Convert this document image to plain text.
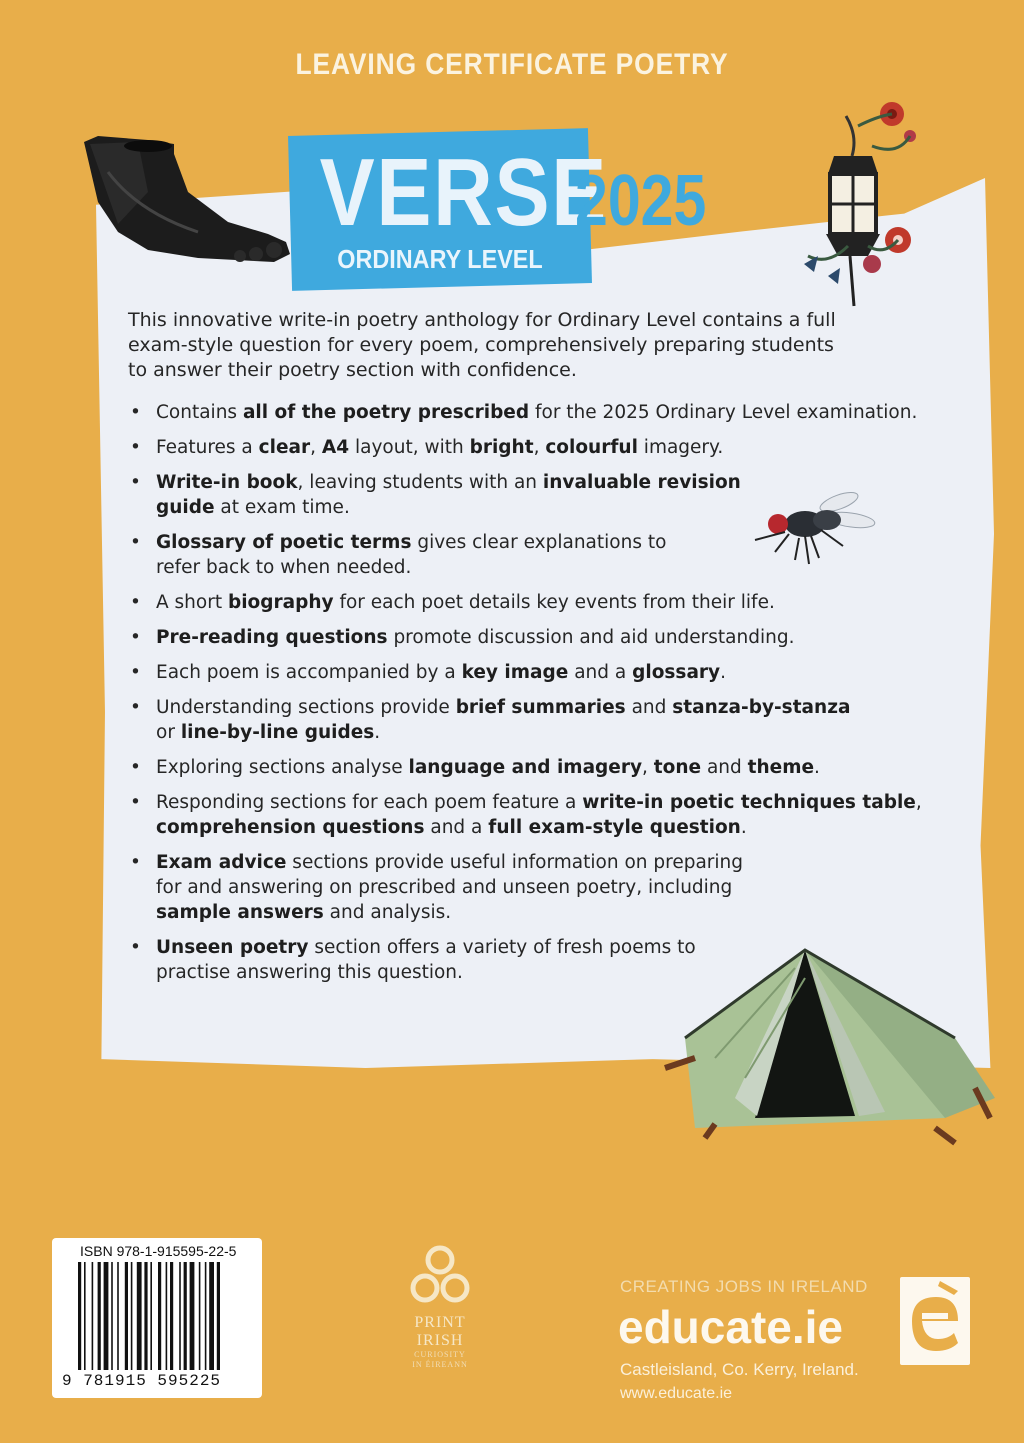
LEAVING CERTIFICATE POETRY
VERSE
ORDINARY LEVEL
2025
This innovative write-in poetry anthology for Ordinary Level contains a full exam-style question for every poem, comprehensively preparing students to answer their poetry section with confidence.
• Contains all of the poetry prescribed for the 2025 Ordinary Level examination.
• Features a clear, A4 layout, with bright, colourful imagery.
• Write-in book, leaving students with an invaluable revision guide at exam time.
• Glossary of poetic terms gives clear explanations to refer back to when needed.
• A short biography for each poet details key events from their life.
• Pre-reading questions promote discussion and aid understanding.
• Each poem is accompanied by a key image and a glossary.
• Understanding sections provide brief summaries and stanza-by-stanza or line-by-line guides.
• Exploring sections analyse language and imagery, tone and theme.
• Responding sections for each poem feature a write-in poetic techniques table, comprehension questions and a full exam-style question.
• Exam advice sections provide useful information on preparing for and answering on prescribed and unseen poetry, including sample answers and analysis.
• Unseen poetry section offers a variety of fresh poems to practise answering this question.
ISBN 978-1-915595-22-5
9 781915 595225
PRINT
IRISH
CURIOSITY
IN ÉIREANN
CREATING JOBS IN IRELAND
educate.ie
Castleisland, Co. Kerry, Ireland.
www.educate.ie
